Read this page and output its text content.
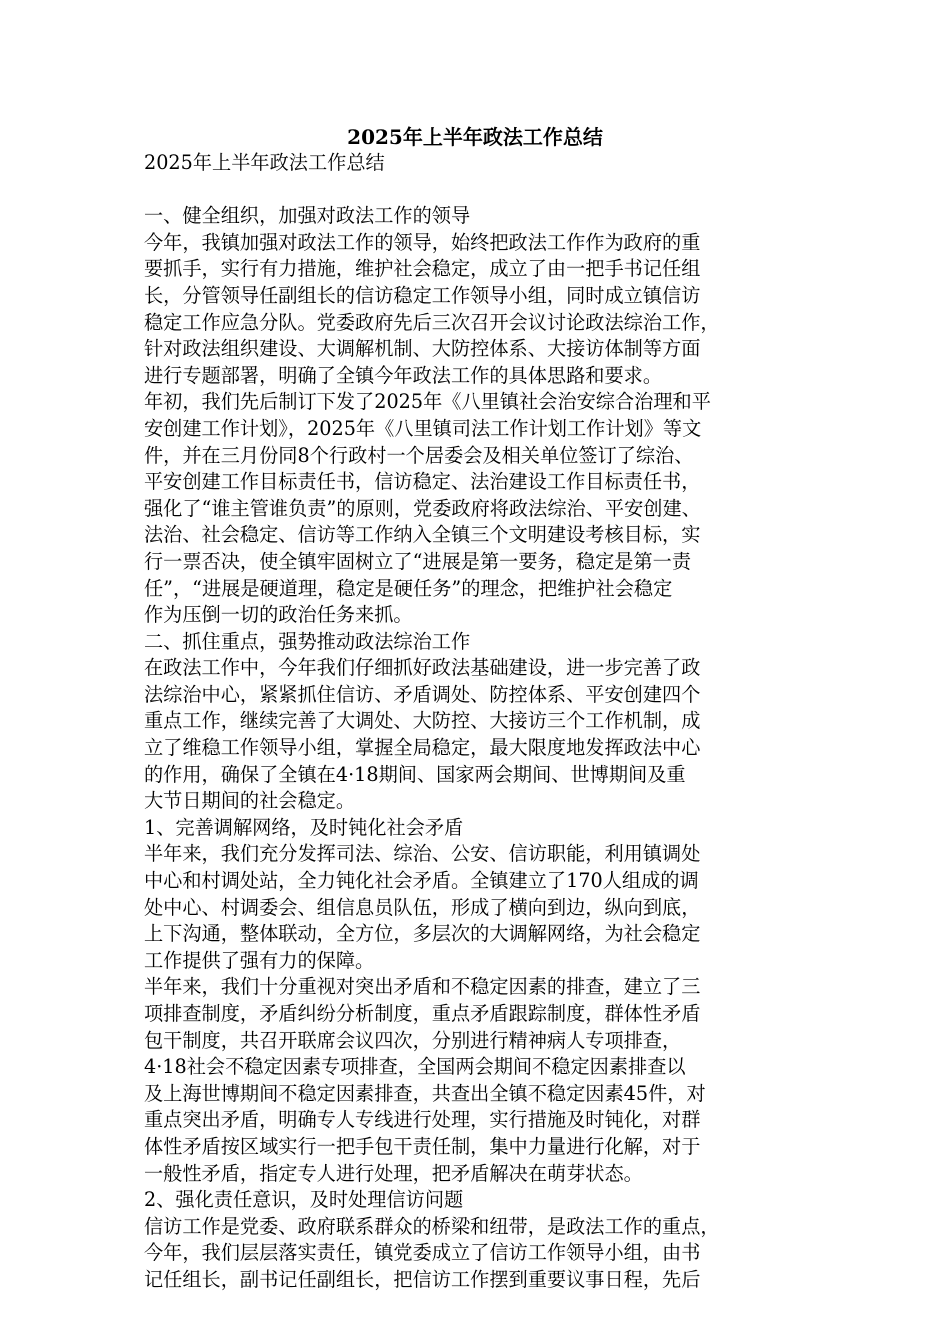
2025年上半年政法工作总结
2025年上半年政法工作总结
一、健全组织，加强对政法工作的领导
今年，我镇加强对政法工作的领导，始终把政法工作作为政府的重
要抓手，实行有力措施，维护社会稳定，成立了由一把手书记任组
长，分管领导任副组长的信访稳定工作领导小组，同时成立镇信访
稳定工作应急分队。党委政府先后三次召开会议讨论政法综治工作，
针对政法组织建设、大调解机制、大防控体系、大接访体制等方面
进行专题部署，明确了全镇今年政法工作的具体思路和要求。
年初，我们先后制订下发了2025年《八里镇社会治安综合治理和平
安创建工作计划》，2025年《八里镇司法工作计划工作计划》等文
件，并在三月份同8个行政村一个居委会及相关单位签订了综治、
平安创建工作目标责任书，信访稳定、法治建设工作目标责任书，
强化了“谁主管谁负责”的原则，党委政府将政法综治、平安创建、
法治、社会稳定、信访等工作纳入全镇三个文明建设考核目标，实
行一票否决，使全镇牢固树立了“进展是第一要务，稳定是第一责
任”，“进展是硬道理，稳定是硬任务”的理念，把维护社会稳定
作为压倒一切的政治任务来抓。
二、抓住重点，强势推动政法综治工作
在政法工作中，今年我们仔细抓好政法基础建设，进一步完善了政
法综治中心，紧紧抓住信访、矛盾调处、防控体系、平安创建四个
重点工作，继续完善了大调处、大防控、大接访三个工作机制，成
立了维稳工作领导小组，掌握全局稳定，最大限度地发挥政法中心
的作用，确保了全镇在4·18期间、国家两会期间、世博期间及重
大节日期间的社会稳定。
1、完善调解网络，及时钝化社会矛盾
半年来，我们充分发挥司法、综治、公安、信访职能，利用镇调处
中心和村调处站，全力钝化社会矛盾。全镇建立了170人组成的调
处中心、村调委会、组信息员队伍，形成了横向到边，纵向到底，
上下沟通，整体联动，全方位，多层次的大调解网络，为社会稳定
工作提供了强有力的保障。
半年来，我们十分重视对突出矛盾和不稳定因素的排查，建立了三
项排查制度，矛盾纠纷分析制度，重点矛盾跟踪制度，群体性矛盾
包干制度，共召开联席会议四次，分别进行精神病人专项排查，
4·18社会不稳定因素专项排查，全国两会期间不稳定因素排查以
及上海世博期间不稳定因素排查，共查出全镇不稳定因素45件，对
重点突出矛盾，明确专人专线进行处理，实行措施及时钝化，对群
体性矛盾按区域实行一把手包干责任制，集中力量进行化解，对于
一般性矛盾，指定专人进行处理，把矛盾解决在萌芽状态。
2、强化责任意识，及时处理信访问题
信访工作是党委、政府联系群众的桥梁和纽带，是政法工作的重点，
今年，我们层层落实责任，镇党委成立了信访工作领导小组，由书
记任组长，副书记任副组长，把信访工作摆到重要议事日程，先后
